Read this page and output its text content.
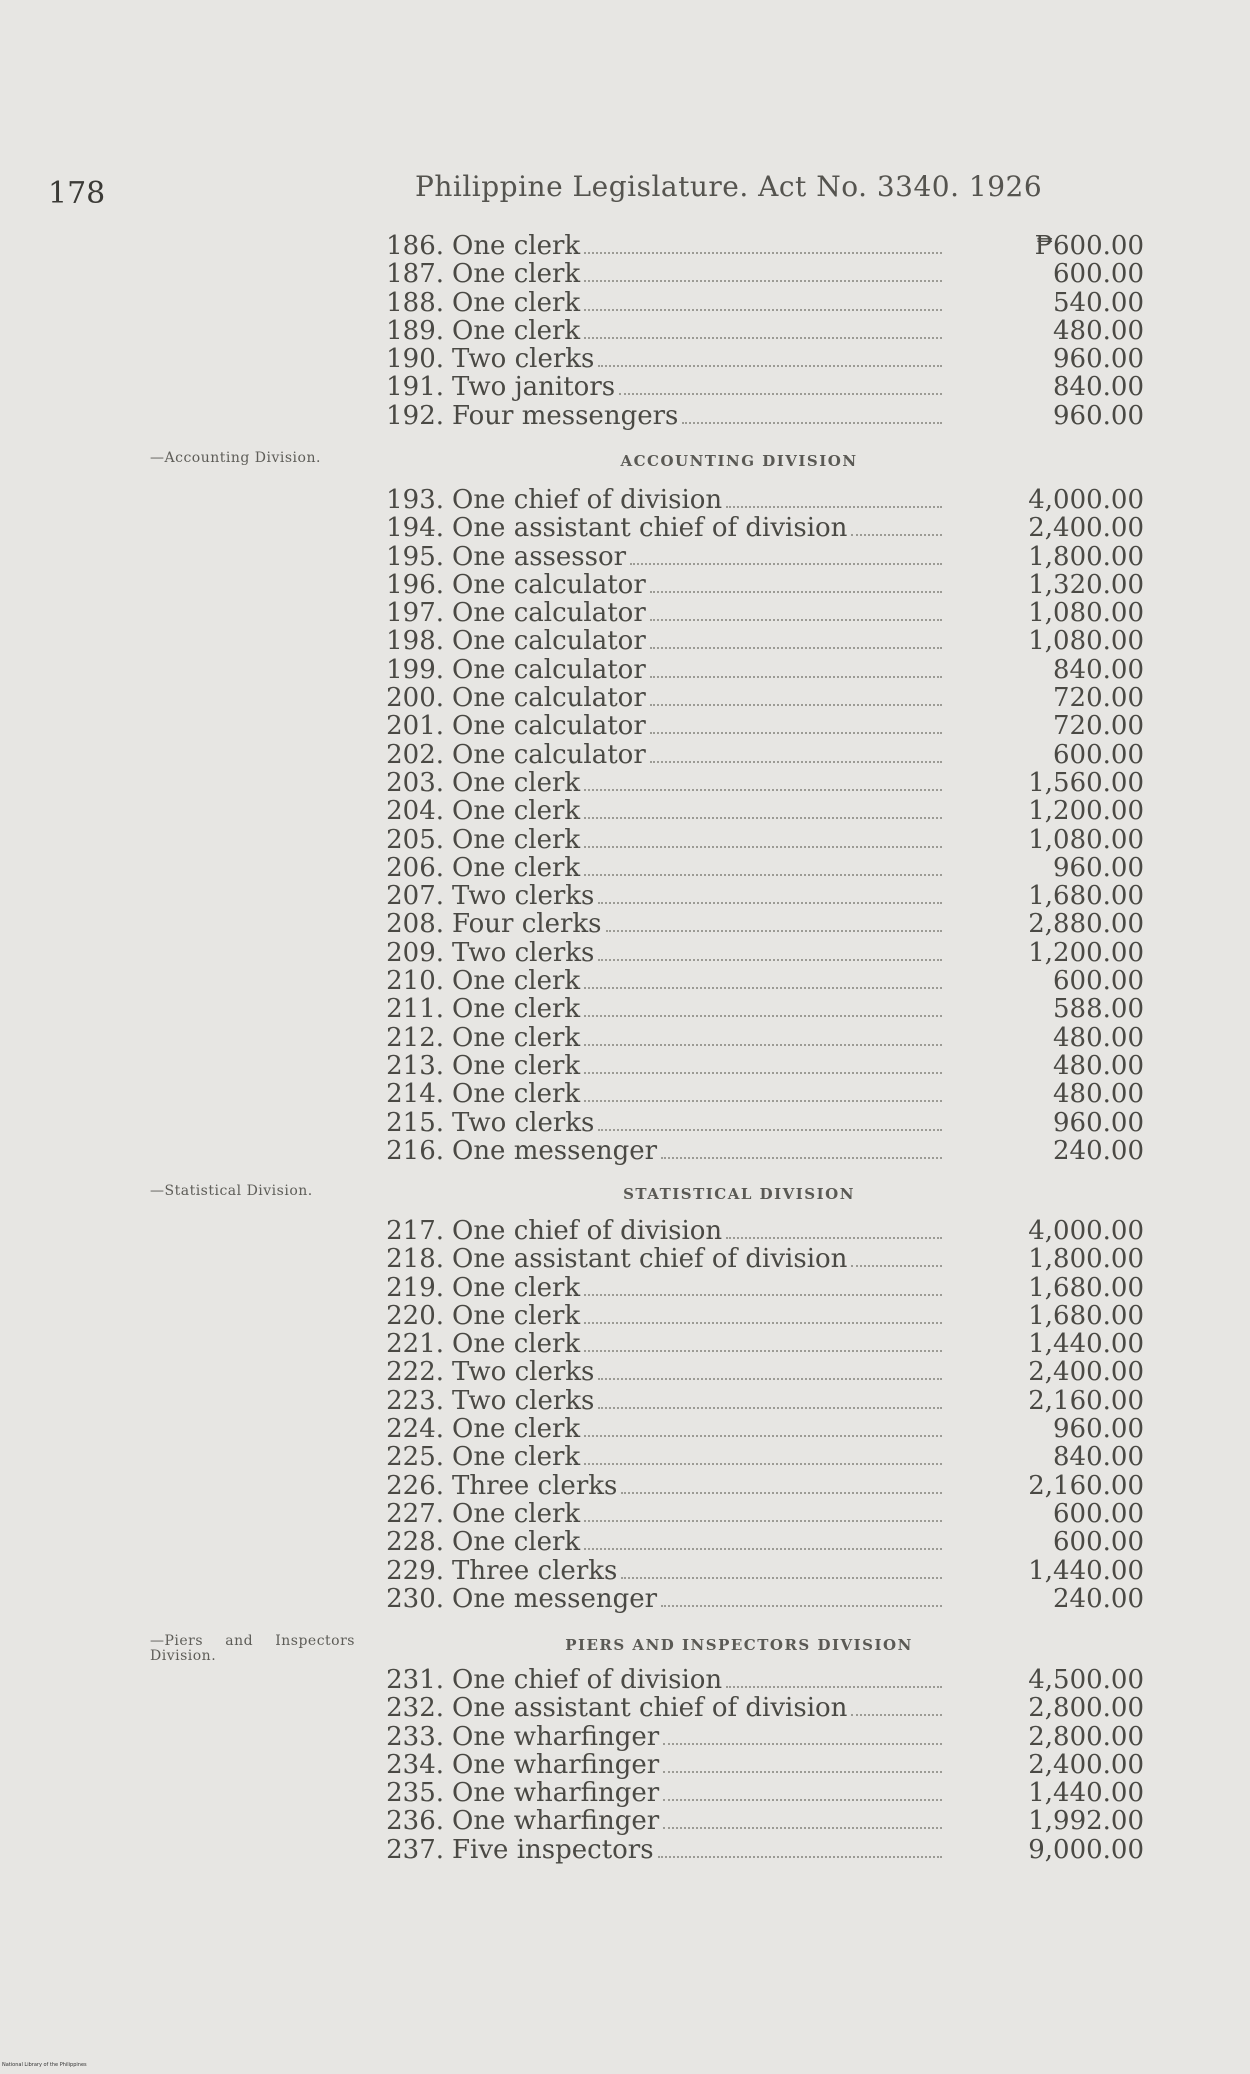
178	Philippine Legislature. Act No. 3340. 1926
186. One clerk	₱600.00
187. One clerk	600.00
188. One clerk	540.00
189. One clerk	480.00
190. Two clerks	960.00
191. Two janitors	840.00
192. Four messengers	960.00
—Accounting Division.	ACCOUNTING DIVISION
193. One chief of division	4,000.00
194. One assistant chief of division	2,400.00
195. One assessor	1,800.00
196. One calculator	1,320.00
197. One calculator	1,080.00
198. One calculator	1,080.00
199. One calculator	840.00
200. One calculator	720.00
201. One calculator	720.00
202. One calculator	600.00
203. One clerk	1,560.00
204. One clerk	1,200.00
205. One clerk	1,080.00
206. One clerk	960.00
207. Two clerks	1,680.00
208. Four clerks	2,880.00
209. Two clerks	1,200.00
210. One clerk	600.00
211. One clerk	588.00
212. One clerk	480.00
213. One clerk	480.00
214. One clerk	480.00
215. Two clerks	960.00
216. One messenger	240.00
—Statistical Division.	STATISTICAL DIVISION
217. One chief of division	4,000.00
218. One assistant chief of division	1,800.00
219. One clerk	1,680.00
220. One clerk	1,680.00
221. One clerk	1,440.00
222. Two clerks	2,400.00
223. Two clerks	2,160.00
224. One clerk	960.00
225. One clerk	840.00
226. Three clerks	2,160.00
227. One clerk	600.00
228. One clerk	600.00
229. Three clerks	1,440.00
230. One messenger	240.00
—Piers and Inspectors Division.
PIERS AND INSPECTORS DIVISION
231. One chief of division	4,500.00
232. One assistant chief of division	2,800.00
233. One wharfinger	2,800.00
234. One wharfinger	2,400.00
235. One wharfinger	1,440.00
236. One wharfinger	1,992.00
237. Five inspectors	9,000.00
National Library of the Philippines
